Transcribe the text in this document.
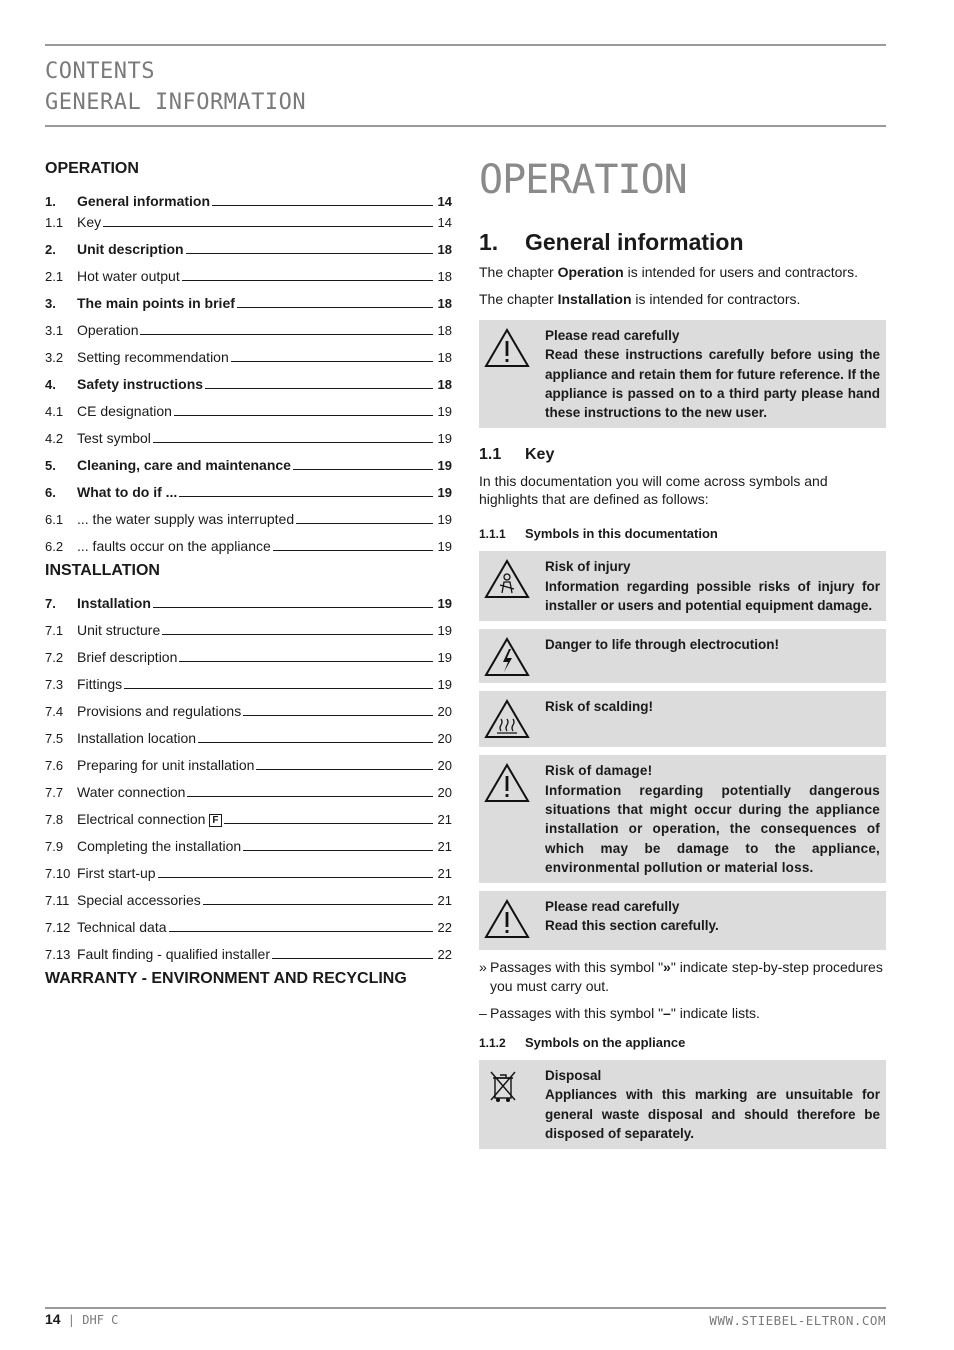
CONTENTS
GENERAL INFORMATION
OPERATION
1.	General information	14
1.1 Key	14
2.	Unit description	18
2.1 Hot water output	18
3.	The main points in brief	18
3.1 Operation	18
3.2 Setting recommendation	18
4.	Safety instructions	18
4.1 CE designation	19
4.2 Test symbol	19
5.	Cleaning, care and maintenance	19
6.	What to do if ...	19
6.1 ... the water supply was interrupted	19
6.2 ... faults occur on the appliance	19
INSTALLATION
7.	Installation	19
7.1 Unit structure	19
7.2 Brief description	19
7.3 Fittings	19
7.4 Provisions and regulations	20
7.5 Installation location	20
7.6 Preparing for unit installation	20
7.7 Water connection	20
7.8 Electrical connection F	21
7.9 Completing the installation	21
7.10 First start-up	21
7.11 Special accessories	21
7.12 Technical data	22
7.13 Fault finding - qualified installer	22
WARRANTY - ENVIRONMENT AND RECYCLING
OPERATION
1. General information

The chapter Operation is intended for users and contractors.

The chapter Installation is intended for contractors.

Please read carefully
Read these instructions carefully before using the appliance and retain them for future reference. If the appliance is passed on to a third party please hand these instructions to the new user.
1.1 Key

In this documentation you will come across symbols and highlights that are defined as follows:

1.1.1 Symbols in this documentation
Risk of injury
Information regarding possible risks of injury for installer or users and potential equipment damage.
Danger to life through electrocution!
Risk of scalding!
Risk of damage!
Information regarding potentially dangerous situations that might occur during the appliance installation or operation, the consequences of which may be damage to the appliance, environmental pollution or material loss.
Please read carefully
Read this section carefully.
» Passages with this symbol "»" indicate step-by-step procedures you must carry out.
– Passages with this symbol "–" indicate lists.
1.1.2 Symbols on the appliance
Disposal
Appliances with this marking are unsuitable for general waste disposal and should therefore be disposed of separately.
14 | DHF C	WWW.STIEBEL-ELTRON.COM
